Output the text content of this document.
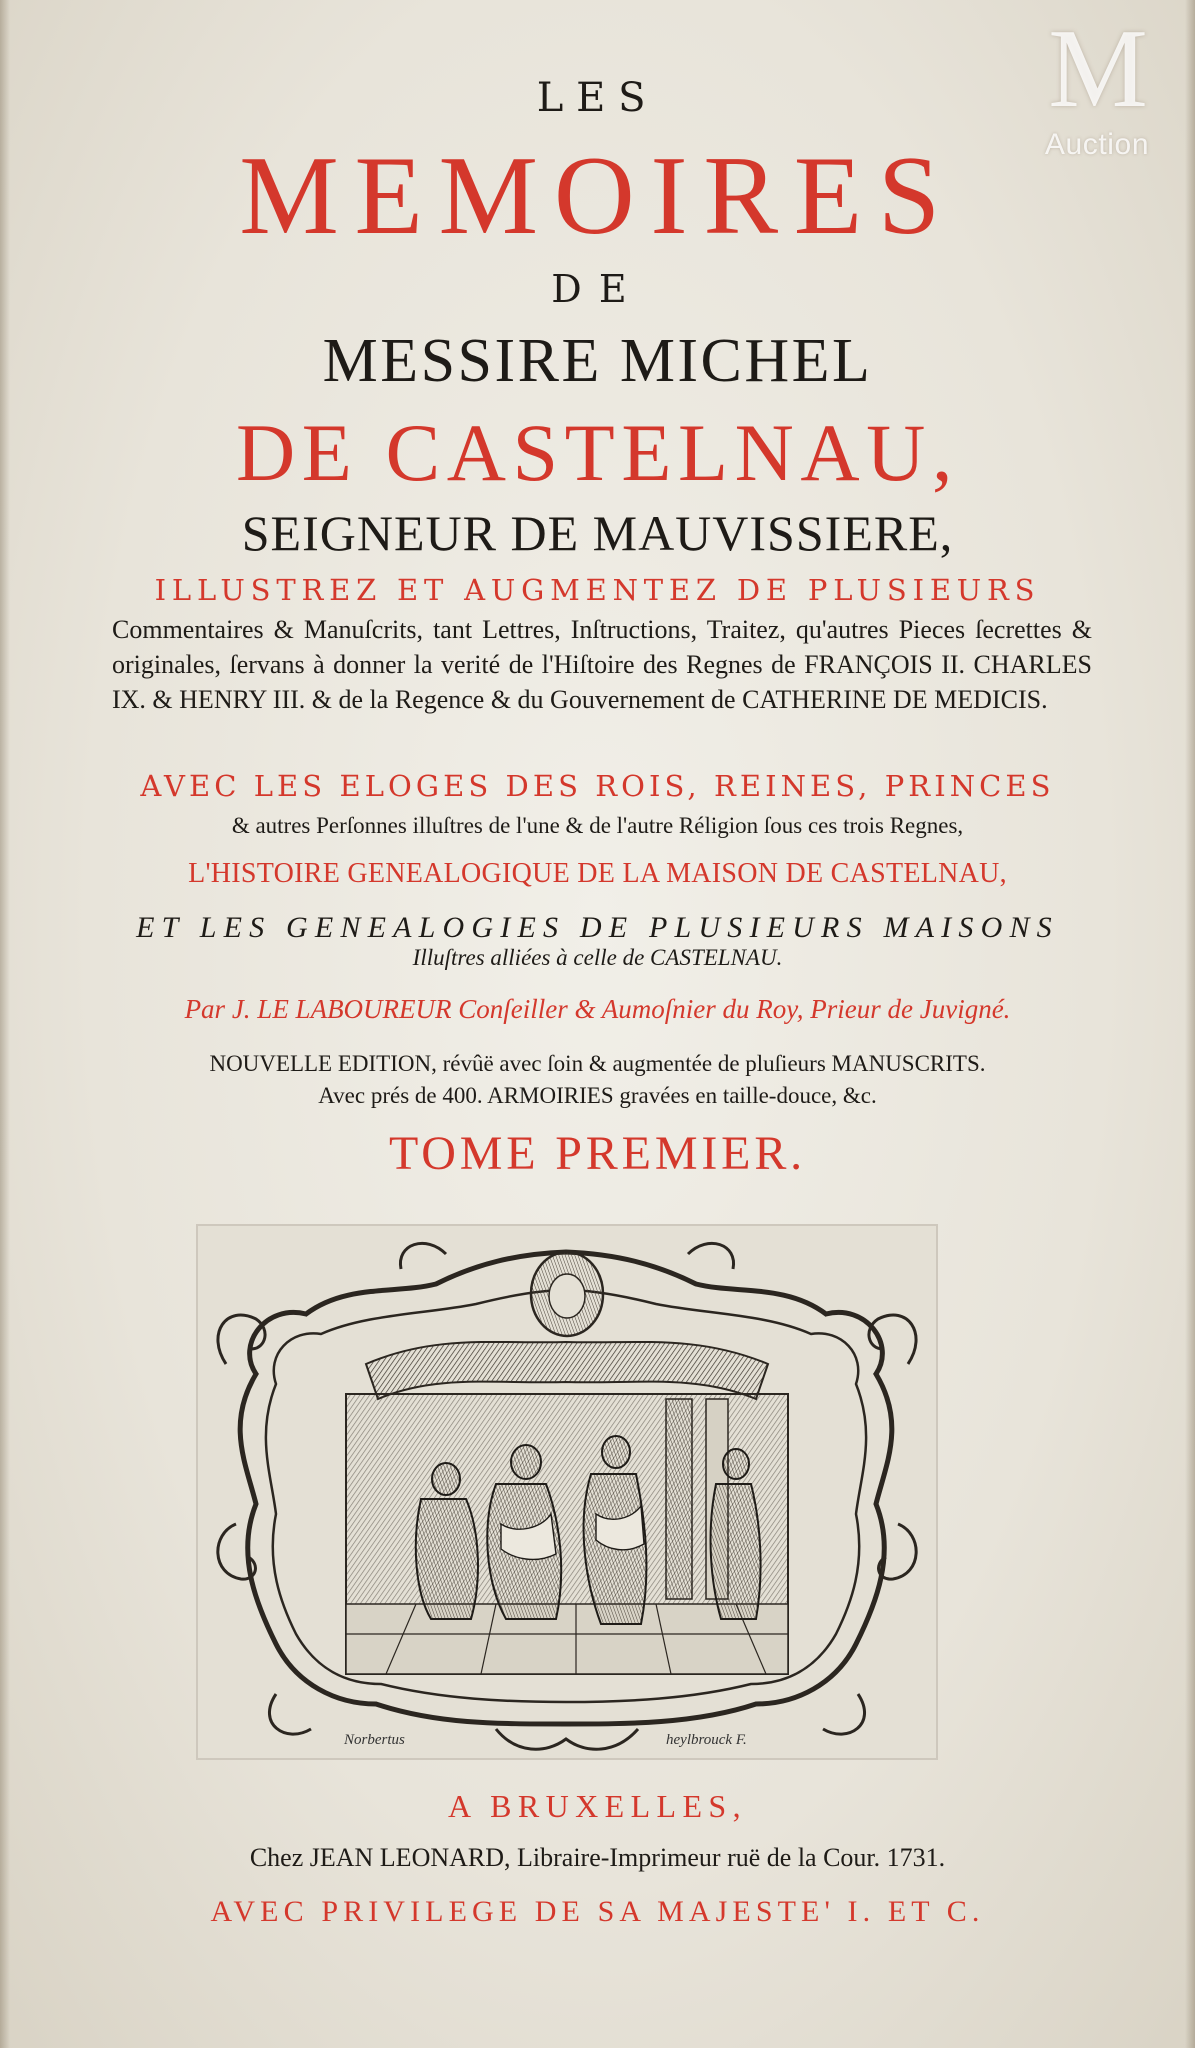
LES
MEMOIRES
DE
MESSIRE MICHEL
DE CASTELNAU,
SEIGNEUR DE MAUVISSIERE,
ILLUSTREZ ET AUGMENTEZ DE PLUSIEURS
Commentaires & Manuſcrits, tant Lettres, Inſtructions, Traitez, qu'autres Pieces ſecrettes & originales, ſervans à donner la verité de l'Hiſtoire des Regnes de FRANÇOIS II. CHARLES IX. & HENRY III. & de la Regence & du Gouvernement de CATHERINE DE MEDICIS.
AVEC LES ELOGES DES ROIS, REINES, PRINCES
& autres Perſonnes illuſtres de l'une & de l'autre Réligion ſous ces trois Regnes,
L'HISTOIRE GENEALOGIQUE DE LA MAISON DE CASTELNAU,
ET LES GENEALOGIES DE PLUSIEURS MAISONS
Illuſtres alliées à celle de CASTELNAU.
Par J. LE LABOUREUR Conſeiller & Aumoſnier du Roy, Prieur de Juvigné.
NOUVELLE EDITION, révûë avec ſoin & augmentée de pluſieurs MANUSCRITS.
Avec prés de 400. ARMOIRIES gravées en taille-douce, &c.
TOME PREMIER.
Norbertus	heylbrouck F.
A BRUXELLES,
Chez JEAN LEONARD, Libraire-Imprimeur ruë de la Cour. 1731.
AVEC PRIVILEGE DE SA MAJESTE' I. ET C.
M
Auction
